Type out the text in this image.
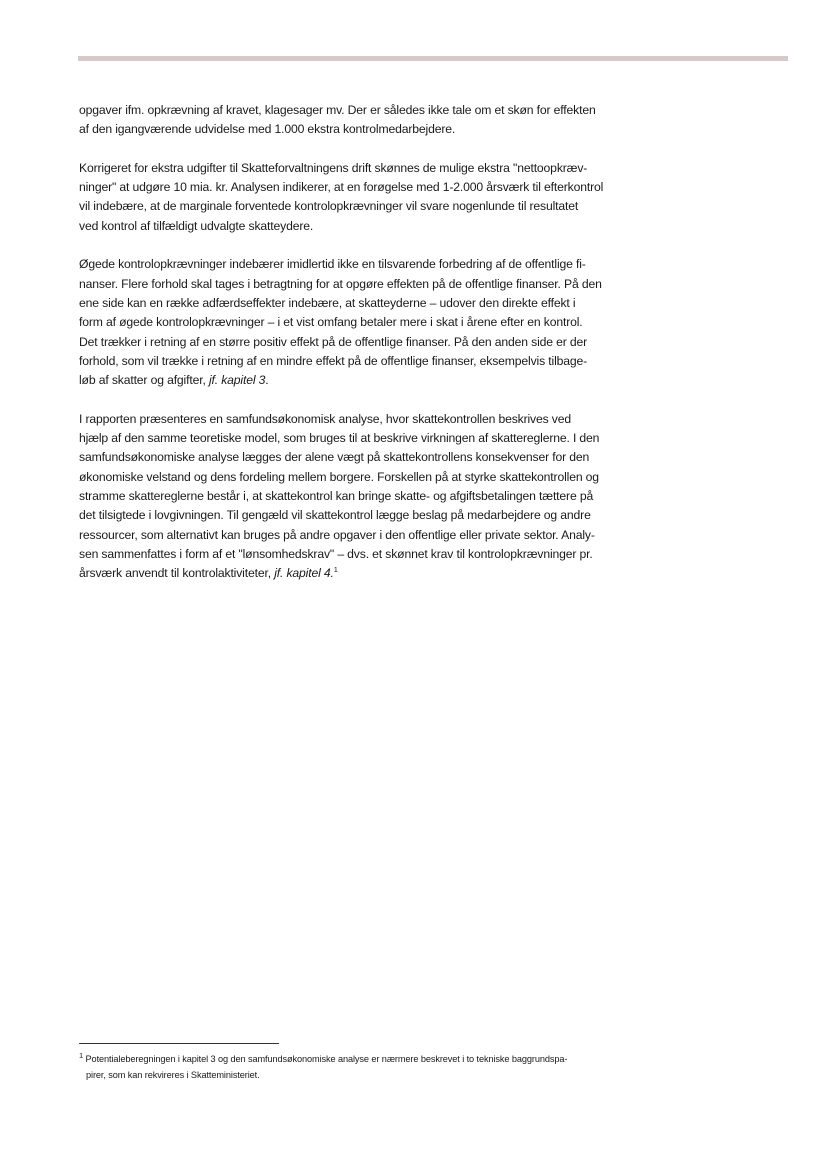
opgaver ifm. opkrævning af kravet, klagesager mv. Der er således ikke tale om et skøn for effekten
af den igangværende udvidelse med 1.000 ekstra kontrolmedarbejdere.

Korrigeret for ekstra udgifter til Skatteforvaltningens drift skønnes de mulige ekstra "nettoopkræv-
ninger" at udgøre 10 mia. kr. Analysen indikerer, at en forøgelse med 1-2.000 årsværk til efterkontrol
vil indebære, at de marginale forventede kontrolopkrævninger vil svare nogenlunde til resultatet
ved kontrol af tilfældigt udvalgte skatteydere.

Øgede kontrolopkrævninger indebærer imidlertid ikke en tilsvarende forbedring af de offentlige fi-
nanser. Flere forhold skal tages i betragtning for at opgøre effekten på de offentlige finanser. På den
ene side kan en række adfærdseffekter indebære, at skatteyderne – udover den direkte effekt i
form af øgede kontrolopkrævninger – i et vist omfang betaler mere i skat i årene efter en kontrol.
Det trækker i retning af en større positiv effekt på de offentlige finanser. På den anden side er der
forhold, som vil trække i retning af en mindre effekt på de offentlige finanser, eksempelvis tilbage-
løb af skatter og afgifter, jf. kapitel 3.

I rapporten præsenteres en samfundsøkonomisk analyse, hvor skattekontrollen beskrives ved
hjælp af den samme teoretiske model, som bruges til at beskrive virkningen af skattereglerne. I den
samfundsøkonomiske analyse lægges der alene vægt på skattekontrollens konsekvenser for den
økonomiske velstand og dens fordeling mellem borgere. Forskellen på at styrke skattekontrollen og
stramme skattereglerne består i, at skattekontrol kan bringe skatte- og afgiftsbetalingen tættere på
det tilsigtede i lovgivningen. Til gengæld vil skattekontrol lægge beslag på medarbejdere og andre
ressourcer, som alternativt kan bruges på andre opgaver i den offentlige eller private sektor. Analy-
sen sammenfattes i form af et "lønsomhedskrav" – dvs. et skønnet krav til kontrolopkrævninger pr.
årsværk anvendt til kontrolaktiviteter, jf. kapitel 4.$^1$

$^1$ Potentialeberegningen i kapitel 3 og den samfundsøkonomiske analyse er nærmere beskrevet i to tekniske baggrundspa-
pirer, som kan rekvireres i Skatteministeriet.
